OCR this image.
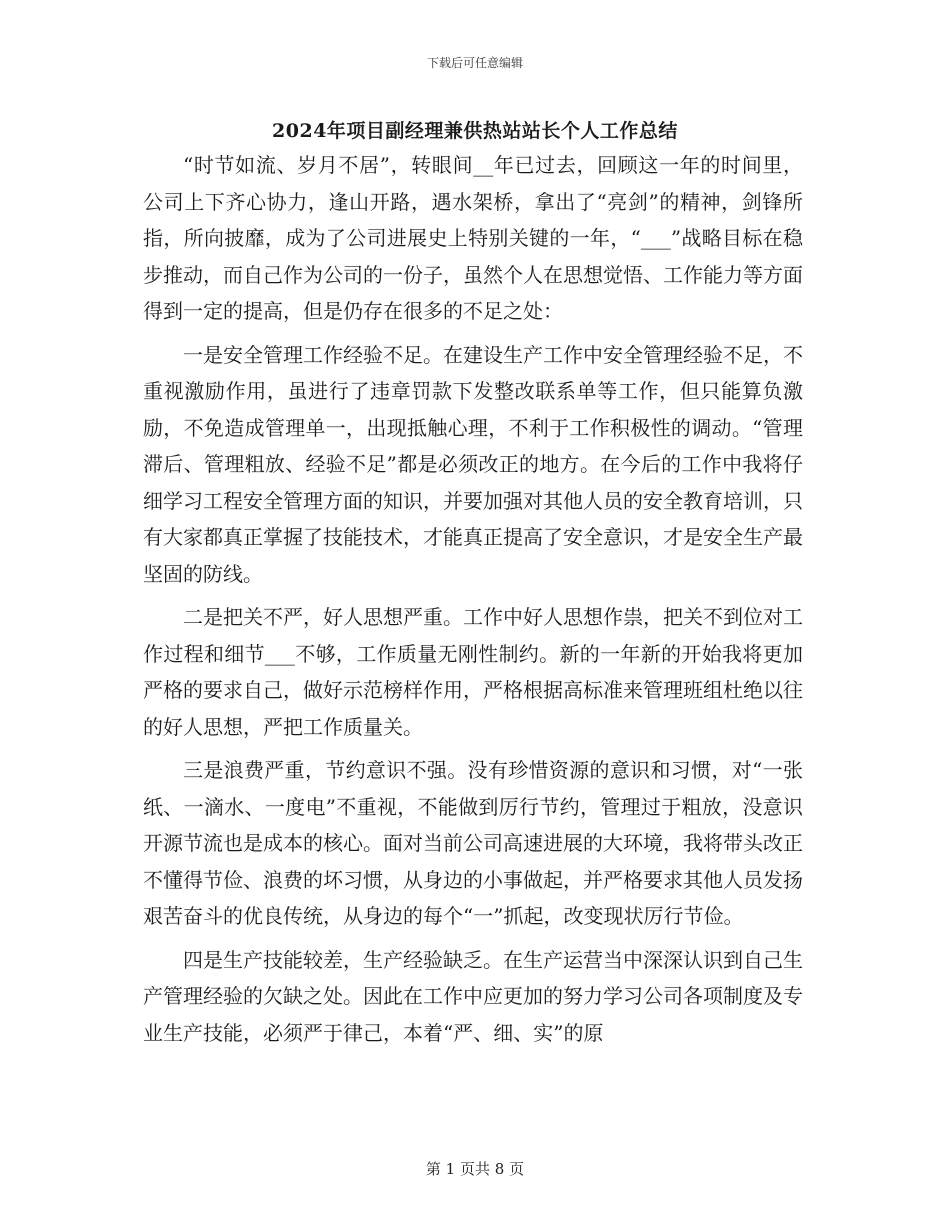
下载后可任意编辑
2024年项目副经理兼供热站站长个人工作总结

“时节如流、岁月不居”，转眼间__年已过去，回顾这一年的时间里，公司上下齐心协力，逢山开路，遇水架桥，拿出了“亮剑”的精神，剑锋所指，所向披靡，成为了公司进展史上特别关键的一年，“___”战略目标在稳步推动，而自己作为公司的一份子，虽然个人在思想觉悟、工作能力等方面得到一定的提高，但是仍存在很多的不足之处：

一是安全管理工作经验不足。在建设生产工作中安全管理经验不足，不重视激励作用，虽进行了违章罚款下发整改联系单等工作，但只能算负激励，不免造成管理单一，出现抵触心理，不利于工作积极性的调动。“管理滞后、管理粗放、经验不足”都是必须改正的地方。在今后的工作中我将仔细学习工程安全管理方面的知识，并要加强对其他人员的安全教育培训，只有大家都真正掌握了技能技术，才能真正提高了安全意识，才是安全生产最坚固的防线。

二是把关不严，好人思想严重。工作中好人思想作祟，把关不到位对工作过程和细节___不够，工作质量无刚性制约。新的一年新的开始我将更加严格的要求自己，做好示范榜样作用，严格根据高标准来管理班组杜绝以往的好人思想，严把工作质量关。

三是浪费严重，节约意识不强。没有珍惜资源的意识和习惯，对“一张纸、一滴水、一度电”不重视，不能做到厉行节约，管理过于粗放，没意识开源节流也是成本的核心。面对当前公司高速进展的大环境，我将带头改正不懂得节俭、浪费的坏习惯，从身边的小事做起，并严格要求其他人员发扬艰苦奋斗的优良传统，从身边的每个“一”抓起，改变现状厉行节俭。

四是生产技能较差，生产经验缺乏。在生产运营当中深深认识到自己生产管理经验的欠缺之处。因此在工作中应更加的努力学习公司各项制度及专业生产技能，必须严于律己，本着“严、细、实”的原

第 1 页共 8 页
